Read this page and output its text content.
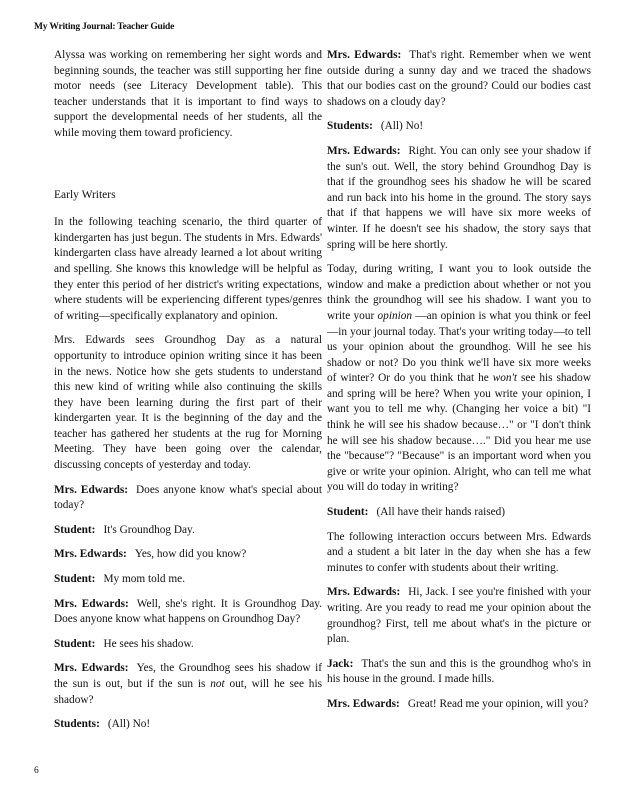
My Writing Journal: Teacher Guide

Alyssa was working on remembering her sight words and beginning sounds, the teacher was still supporting her fine motor needs (see Literacy Development table). This teacher understands that it is important to find ways to support the developmental needs of her students, all the while moving them toward proficiency.

Early Writers

In the following teaching scenario, the third quarter of kindergarten has just begun. The students in Mrs. Edwards' kindergarten class have already learned a lot about writing and spelling. She knows this knowledge will be helpful as they enter this period of her district's writing expectations, where students will be experiencing different types/genres of writing—specifically explanatory and opinion.

Mrs. Edwards sees Groundhog Day as a natural opportunity to introduce opinion writing since it has been in the news. Notice how she gets students to understand this new kind of writing while also continuing the skills they have been learning during the first part of their kindergarten year. It is the beginning of the day and the teacher has gathered her students at the rug for Morning Meeting. They have been going over the calendar, discussing concepts of yesterday and today.

Mrs. Edwards: Does anyone know what's special about today?

Student: It's Groundhog Day.

Mrs. Edwards: Yes, how did you know?

Student: My mom told me.

Mrs. Edwards: Well, she's right. It is Groundhog Day. Does anyone know what happens on Groundhog Day?

Student: He sees his shadow.

Mrs. Edwards: Yes, the Groundhog sees his shadow if the sun is out, but if the sun is not out, will he see his shadow?

Students: (All) No!

Mrs. Edwards: That's right. Remember when we went outside during a sunny day and we traced the shadows that our bodies cast on the ground? Could our bodies cast shadows on a cloudy day?

Students: (All) No!

Mrs. Edwards: Right. You can only see your shadow if the sun's out. Well, the story behind Groundhog Day is that if the groundhog sees his shadow he will be scared and run back into his home in the ground. The story says that if that happens we will have six more weeks of winter. If he doesn't see his shadow, the story says that spring will be here shortly.

Today, during writing, I want you to look outside the window and make a prediction about whether or not you think the groundhog will see his shadow. I want you to write your opinion —an opinion is what you think or feel—in your journal today. That's your writing today—to tell us your opinion about the groundhog. Will he see his shadow or not? Do you think we'll have six more weeks of winter? Or do you think that he won't see his shadow and spring will be here? When you write your opinion, I want you to tell me why. (Changing her voice a bit) "I think he will see his shadow because…" or "I don't think he will see his shadow because…." Did you hear me use the "because"? "Because" is an important word when you give or write your opinion. Alright, who can tell me what you will do today in writing?

Student: (All have their hands raised)

The following interaction occurs between Mrs. Edwards and a student a bit later in the day when she has a few minutes to confer with students about their writing.

Mrs. Edwards: Hi, Jack. I see you're finished with your writing. Are you ready to read me your opinion about the groundhog? First, tell me about what's in the picture or plan.

Jack: That's the sun and this is the groundhog who's in his house in the ground. I made hills.

Mrs. Edwards: Great! Read me your opinion, will you?

6
